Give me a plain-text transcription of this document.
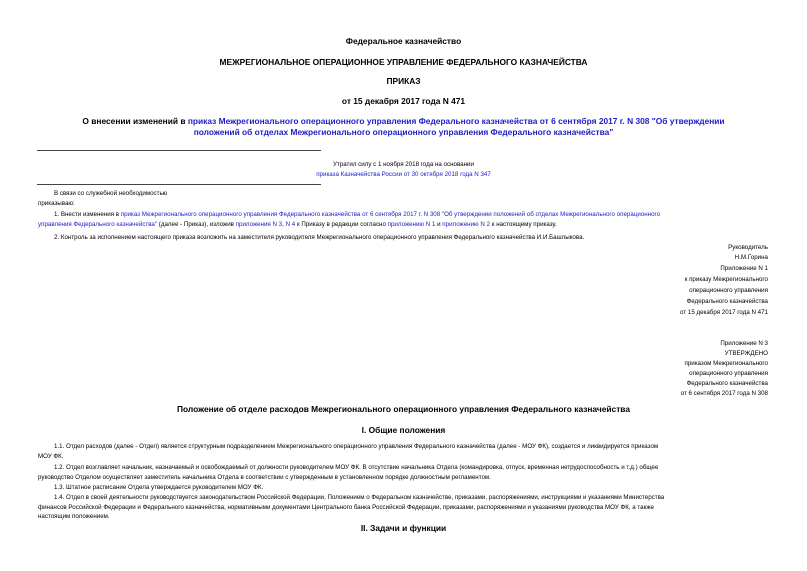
Федеральное казначейство
МЕЖРЕГИОНАЛЬНОЕ ОПЕРАЦИОННОЕ УПРАВЛЕНИЕ ФЕДЕРАЛЬНОГО КАЗНАЧЕЙСТВА
ПРИКАЗ
от 15 декабря 2017 года N 471
О внесении изменений в приказ Межрегионального операционного управления Федерального казначейства от 6 сентября 2017 г. N 308 "Об утверждении
положений об отделах Межрегионального операционного управления Федерального казначейства"
Утратил силу с 1 ноября 2018 года на основании
приказа Казначейства России от 30 октября 2018 года N 347
В связи со служебной необходимостью
приказываю:
1. Внести изменения в приказ Межрегионального операционного управления Федерального казначейства от 6 сентября 2017 г. N 308 "Об утверждении положений об отделах Межрегионального операционного
управления Федерального казначейства" (далее - Приказ), изложив приложения N 3, N 4 к Приказу в редакции согласно приложению N 1 и приложению N 2 к настоящему приказу.
2. Контроль за исполнением настоящего приказа возложить на заместителя руководителя Межрегионального операционного управления Федерального казначейства И.И.Башлыкова.
Руководитель
Н.М.Горина
Приложение N 1
к приказу Межрегионального
операционного управления
Федерального казначейства
от 15 декабря 2017 года N 471
Приложение N 3
УТВЕРЖДЕНО
приказом Межрегионального
операционного управления
Федерального казначейства
от 6 сентября 2017 года N 308
Положение об отделе расходов Межрегионального операционного управления Федерального казначейства
I. Общие положения
1.1. Отдел расходов (далее - Отдел) является структурным подразделением Межрегионального операционного управления Федерального казначейства (далее - МОУ ФК), создается и ликвидируется приказом
МОУ ФК.
1.2. Отдел возглавляет начальник, назначаемый и освобождаемый от должности руководителем МОУ ФК. В отсутствие начальника Отдела (командировка, отпуск, временная нетрудоспособность и т.д.) общее
руководство Отделом осуществляет заместитель начальника Отдела в соответствии с утвержденным в установленном порядке должностным регламентом.
1.3. Штатное расписание Отдела утверждается руководителем МОУ ФК.
1.4. Отдел в своей деятельности руководствуется законодательством Российской Федерации, Положением о Федеральном казначействе, приказами, распоряжениями, инструкциями и указаниями Министерства
финансов Российской Федерации и Федерального казначейства, нормативными документами Центрального банка Российской Федерации, приказами, распоряжениями и указаниями руководства МОУ ФК, а также
настоящим положением.
II. Задачи и функции
